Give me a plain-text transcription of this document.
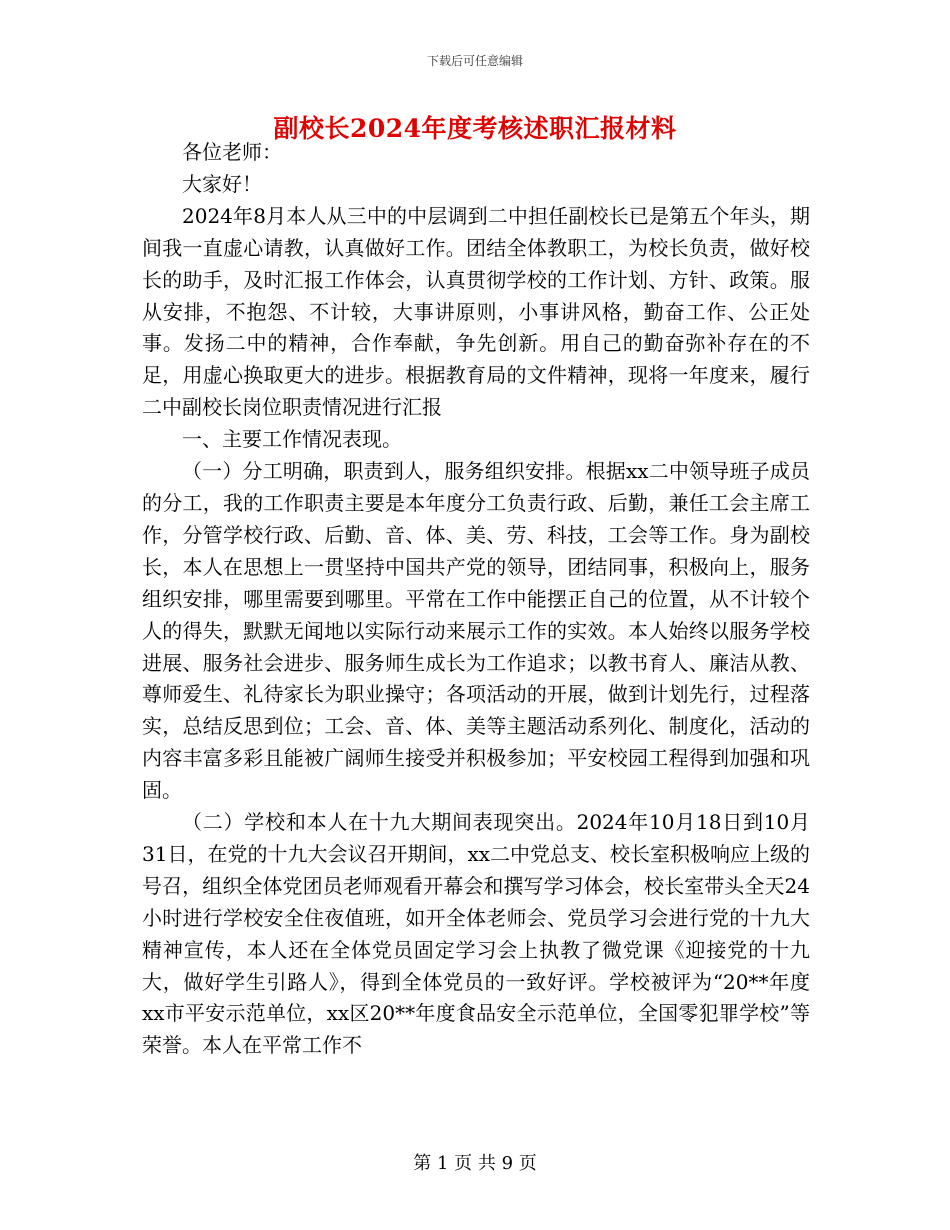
下载后可任意编辑
副校长2024年度考核述职汇报材料

各位老师：

大家好！

2024年8月本人从三中的中层调到二中担任副校长已是第五个年头，期间我一直虚心请教，认真做好工作。团结全体教职工，为校长负责，做好校长的助手，及时汇报工作体会，认真贯彻学校的工作计划、方针、政策。服从安排，不抱怨、不计较，大事讲原则，小事讲风格，勤奋工作、公正处事。发扬二中的精神，合作奉献，争先创新。用自己的勤奋弥补存在的不足，用虚心换取更大的进步。根据教育局的文件精神，现将一年度来，履行二中副校长岗位职责情况进行汇报

一、主要工作情况表现。

（一）分工明确，职责到人，服务组织安排。根据xx二中领导班子成员的分工，我的工作职责主要是本年度分工负责行政、后勤，兼任工会主席工作，分管学校行政、后勤、音、体、美、劳、科技，工会等工作。身为副校长，本人在思想上一贯坚持中国共产党的领导，团结同事，积极向上，服务组织安排，哪里需要到哪里。平常在工作中能摆正自己的位置，从不计较个人的得失，默默无闻地以实际行动来展示工作的实效。本人始终以服务学校进展、服务社会进步、服务师生成长为工作追求；以教书育人、廉洁从教、尊师爱生、礼待家长为职业操守；各项活动的开展，做到计划先行，过程落实，总结反思到位；工会、音、体、美等主题活动系列化、制度化，活动的内容丰富多彩且能被广阔师生接受并积极参加；平安校园工程得到加强和巩固。

（二）学校和本人在十九大期间表现突出。2024年10月18日到10月31日，在党的十九大会议召开期间，xx二中党总支、校长室积极响应上级的号召，组织全体党团员老师观看开幕会和撰写学习体会，校长室带头全天24小时进行学校安全住夜值班，如开全体老师会、党员学习会进行党的十九大精神宣传，本人还在全体党员固定学习会上执教了微党课《迎接党的十九大，做好学生引路人》，得到全体党员的一致好评。学校被评为“20**年度xx市平安示范单位，xx区20**年度食品安全示范单位，全国零犯罪学校”等荣誉。本人在平常工作不

第 1 页 共 9 页
